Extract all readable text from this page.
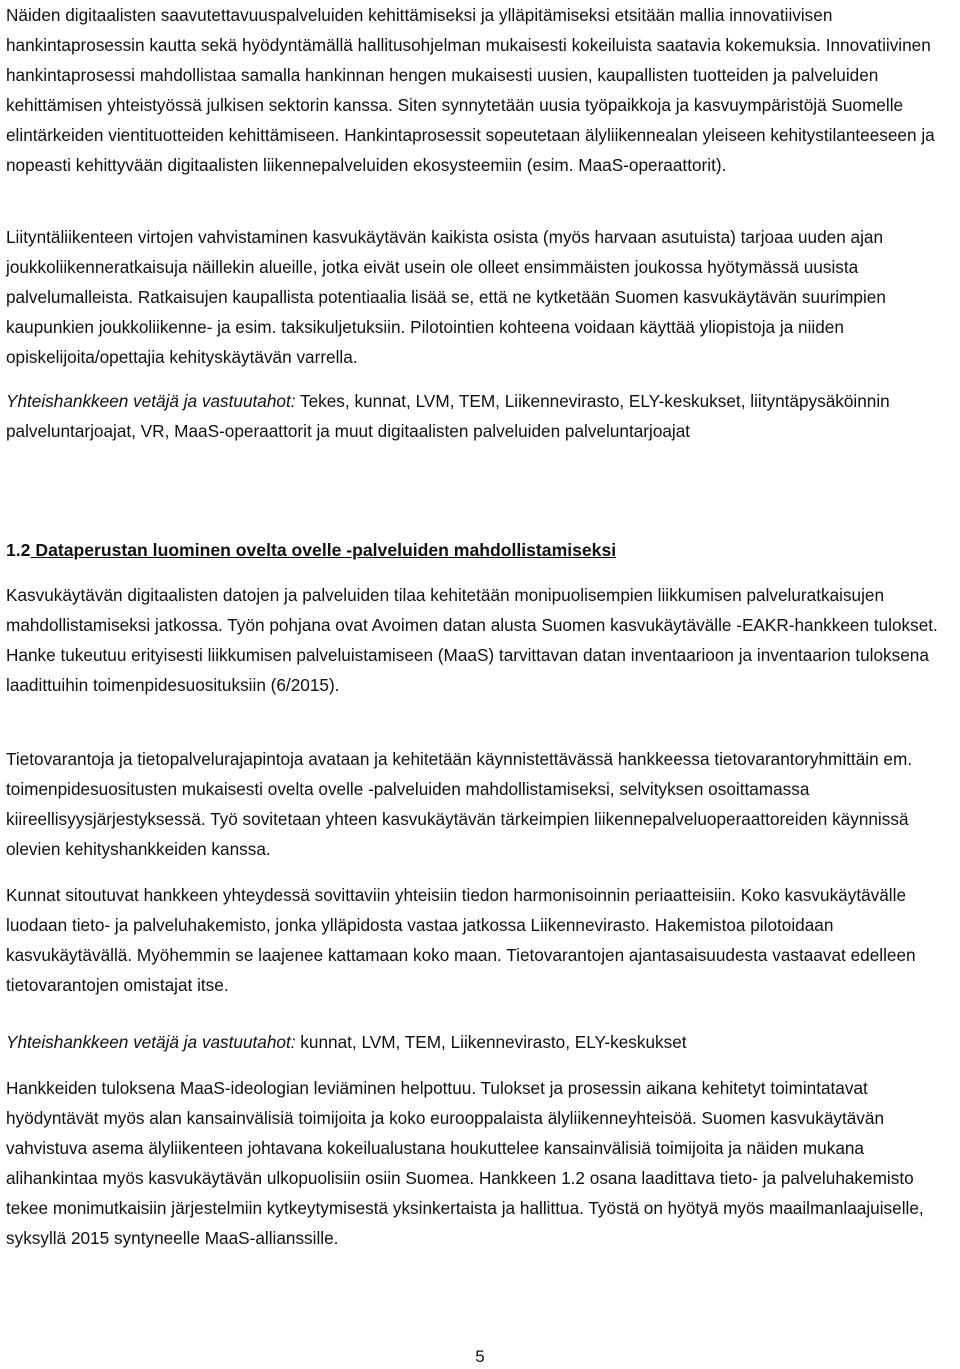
Näiden digitaalisten saavutettavuuspalveluiden kehittämiseksi ja ylläpitämiseksi etsitään mallia innovatiivisen hankintaprosessin kautta sekä hyödyntämällä hallitusohjelman mukaisesti kokeiluista saatavia kokemuksia. Innovatiivinen hankintaprosessi mahdollistaa samalla hankinnan hengen mukaisesti uusien, kaupallisten tuotteiden ja palveluiden kehittämisen yhteistyössä julkisen sektorin kanssa. Siten synnytetään uusia työpaikkoja ja kasvuympäristöjä Suomelle elintärkeiden vientituotteiden kehittämiseen. Hankintaprosessit sopeutetaan älyliikennealan yleiseen kehitystilanteeseen ja nopeasti kehittyvään digitaalisten liikennepalveluiden ekosysteemiin (esim. MaaS-operaattorit).

Liityntäliikenteen virtojen vahvistaminen kasvukäytävän kaikista osista (myös harvaan asutuista) tarjoaa uuden ajan joukkoliikenneratkaisuja näillekin alueille, jotka eivät usein ole olleet ensimmäisten joukossa hyötymässä uusista palvelumalleista. Ratkaisujen kaupallista potentiaalia lisää se, että ne kytketään Suomen kasvukäytävän suurimpien kaupunkien joukkoliikenne- ja esim. taksikuljetuksiin. Pilotointien kohteena voidaan käyttää yliopistoja ja niiden opiskelijoita/opettajia kehityskäytävän varrella.

Yhteishankkeen vetäjä ja vastuutahot: Tekes, kunnat, LVM, TEM, Liikennevirasto, ELY-keskukset, liityntäpysäköinnin palveluntarjoajat, VR, MaaS-operaattorit ja muut digitaalisten palveluiden palveluntarjoajat

1.2 Dataperustan luominen ovelta ovelle -palveluiden mahdollistamiseksi

Kasvukäytävän digitaalisten datojen ja palveluiden tilaa kehitetään monipuolisempien liikkumisen palveluratkaisujen mahdollistamiseksi jatkossa. Työn pohjana ovat Avoimen datan alusta Suomen kasvukäytävälle -EAKR-hankkeen tulokset. Hanke tukeutuu erityisesti liikkumisen palveluistamiseen (MaaS) tarvittavan datan inventaarioon ja inventaarion tuloksena laadittuihin toimenpidesuosituksiin (6/2015).

Tietovarantoja ja tietopalvelurajapintoja avataan ja kehitetään käynnistettävässä hankkeessa tietovarantoryhmittäin em. toimenpidesuositusten mukaisesti ovelta ovelle -palveluiden mahdollistamiseksi, selvityksen osoittamassa kiireellisyysjärjestyksessä. Työ sovitetaan yhteen kasvukäytävän tärkeimpien liikennepalveluoperaattoreiden käynnissä olevien kehityshankkeiden kanssa.

Kunnat sitoutuvat hankkeen yhteydessä sovittaviin yhteisiin tiedon harmonisoinnin periaatteisiin. Koko kasvukäytävälle luodaan tieto- ja palveluhakemisto, jonka ylläpidosta vastaa jatkossa Liikennevirasto. Hakemistoa pilotoidaan kasvukäytävällä. Myöhemmin se laajenee kattamaan koko maan. Tietovarantojen ajantasaisuudesta vastaavat edelleen tietovarantojen omistajat itse.

Yhteishankkeen vetäjä ja vastuutahot: kunnat, LVM, TEM, Liikennevirasto, ELY-keskukset

Hankkeiden tuloksena MaaS-ideologian leviäminen helpottuu. Tulokset ja prosessin aikana kehitetyt toimintatavat hyödyntävät myös alan kansainvälisiä toimijoita ja koko eurooppalaista älyliikenneyhteisöä. Suomen kasvukäytävän vahvistuva asema älyliikenteen johtavana kokeilualustana houkuttelee kansainvälisiä toimijoita ja näiden mukana alihankintaa myös kasvukäytävän ulkopuolisiin osiin Suomea. Hankkeen 1.2 osana laadittava tieto- ja palveluhakemisto tekee monimutkaisiin järjestelmiin kytkeytymisestä yksinkertaista ja hallittua. Työstä on hyötyä myös maailmanlaajuiselle, syksyllä 2015 syntyneelle MaaS-allianssille.

5
